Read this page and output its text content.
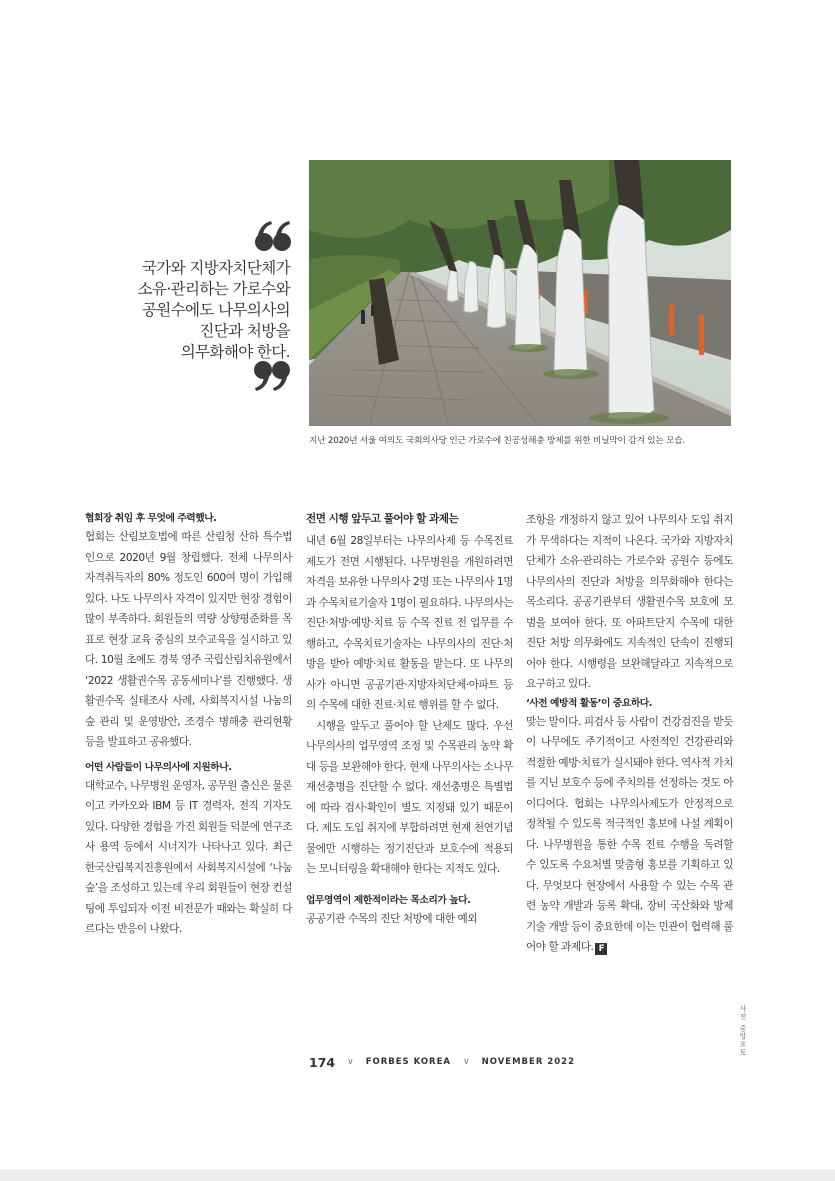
국가와 지방자치단체가
소유·관리하는 가로수와
공원수에도 나무의사의
진단과 처방을
의무화해야 한다.

지난 2020년 서울 여의도 국회의사당 인근 가로수에 친공성해충 방제를 위한 비닐막이 감겨 있는 모습.

협회장 취임 후 무엇에 주력했나.

협회는 산림보호법에 따른 산림청 산하 특수법인으로 2020년 9월 창립했다. 전체 나무의사 자격취득자의 80% 정도인 600여 명이 가입해 있다. 나도 나무의사 자격이 있지만 현장 경험이 많이 부족하다. 회원들의 역량 상향평준화를 목표로 현장 교육 중심의 보수교육을 실시하고 있다. 10월 초에도 경북 영주 국립산림치유원에서 ‘2022 생활권수목 공동세미나’를 진행했다. 생활권수목 실태조사 사례, 사회복지시설 나눔의 숲 관리 및 운영방안, 조경수 병해충 관리현황 등을 발표하고 공유했다.

어떤 사람들이 나무의사에 지원하나.

대학교수, 나무병원 운영자, 공무원 출신은 물론이고 카카오와 IBM 등 IT 경력자, 전직 기자도 있다. 다양한 경험을 가진 회원들 덕분에 연구조사 용역 등에서 시너지가 나타나고 있다. 최근 한국산림복지진흥원에서 사회복지시설에 ‘나눔숲’을 조성하고 있는데 우리 회원들이 현장 컨설팅에 투입되자 이전 비전문가 때와는 확실히 다르다는 반응이 나왔다.

전면 시행 앞두고 풀어야 할 과제는

내년 6월 28일부터는 나무의사제 등 수목진료제도가 전면 시행된다. 나무병원을 개원하려면 자격을 보유한 나무의사 2명 또는 나무의사 1명과 수목치료기술자 1명이 필요하다. 나무의사는 진단·처방·예방·치료 등 수목 진료 전 업무를 수행하고, 수목치료기술자는 나무의사의 진단·처방을 받아 예방·치료 활동을 맡는다. 또 나무의사가 아니면 공공기관·지방자치단체·아파트 등의 수목에 대한 진료·치료 행위를 할 수 없다.

시행을 앞두고 풀어야 할 난제도 많다. 우선 나무의사의 업무영역 조정 및 수목관리 농약 확대 등을 보완해야 한다. 현재 나무의사는 소나무재선충병을 진단할 수 없다. 재선충병은 특별법에 따라 검사·확인이 별도 지정돼 있기 때문이다. 제도 도입 취지에 부합하려면 현재 천연기념물에만 시행하는 정기진단과 보호수에 적용되는 모니터링을 확대해야 한다는 지적도 있다.

업무영역이 제한적이라는 목소리가 높다.

공공기관 수목의 진단 처방에 대한 예외

조항을 개정하지 않고 있어 나무의사 도입 취지가 무색하다는 지적이 나온다. 국가와 지방자치단체가 소유·관리하는 가로수와 공원수 등에도 나무의사의 진단과 처방을 의무화해야 한다는 목소리다. 공공기관부터 생활권수목 보호에 모범을 보여야 한다. 또 아파트단지 수목에 대한 진단 처방 의무화에도 지속적인 단속이 진행되어야 한다. 시행령을 보완해달라고 지속적으로 요구하고 있다.

‘사전 예방적 활동’이 중요하다.

맞는 말이다. 피검사 등 사람이 건강검진을 받듯이 나무에도 주기적이고 사전적인 건강관리와 적절한 예방·치료가 실시돼야 한다. 역사적 가치를 지닌 보호수 등에 주치의를 선정하는 것도 아이디어다. 협회는 나무의사제도가 안정적으로 정착될 수 있도록 적극적인 홍보에 나설 계획이다. 나무병원을 통한 수목 진료 수행을 독려할 수 있도록 수요처별 맞춤형 홍보를 기획하고 있다. 무엇보다 현장에서 사용할 수 있는 수목 관련 농약 개발과 등록 확대, 장비 국산화와 방제 기술 개발 등이 중요한데 이는 민관이 협력해 풀어야 할 과제다. F

사진 중앙포토
174 ∨ FORBES KOREA ∨ NOVEMBER 2022
